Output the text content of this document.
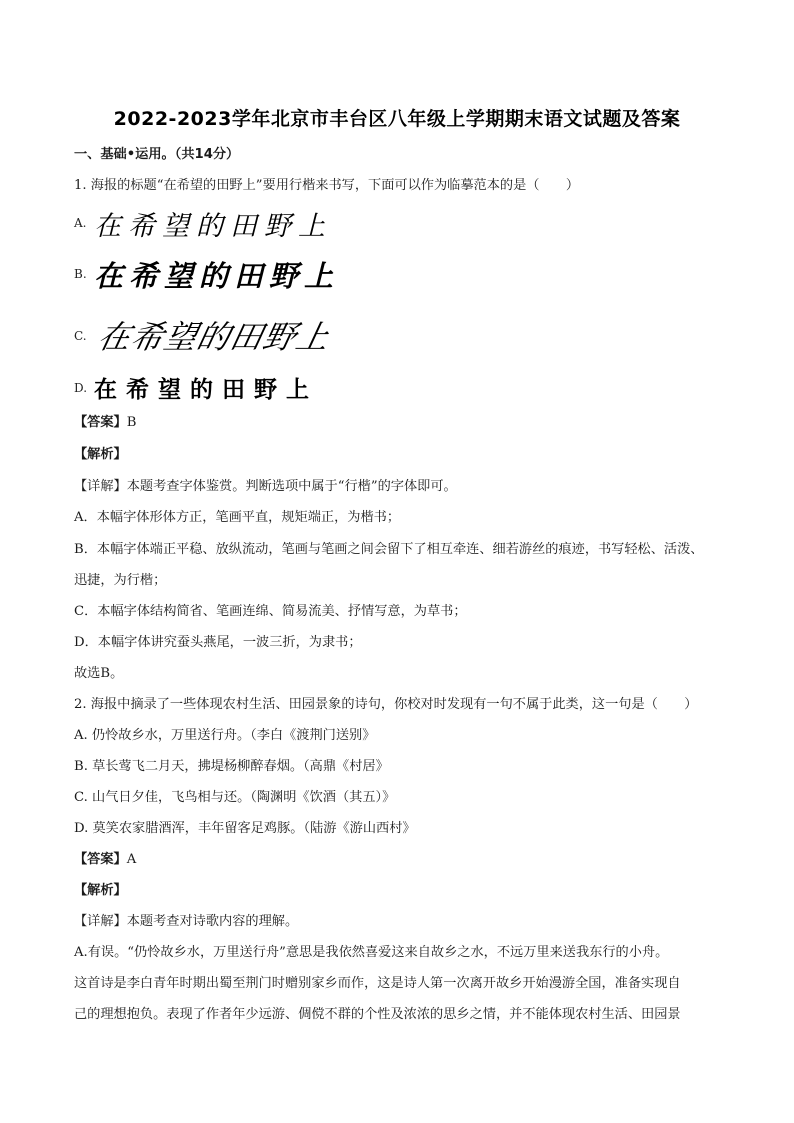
2022-2023学年北京市丰台区八年级上学期期末语文试题及答案
一、基础•运用。（共14分）
1. 海报的标题“在希望的田野上”要用行楷来书写，下面可以作为临摹范本的是（　　）
A. 在希望的田野上
B. 在希望的田野上
C. 在希望的田野上
D. 在希望的田野上
【答案】B
【解析】
【详解】本题考查字体鉴赏。判断选项中属于“行楷”的字体即可。
A．本幅字体形体方正，笔画平直，规矩端正，为楷书；
B．本幅字体端正平稳、放纵流动，笔画与笔画之间会留下了相互牵连、细若游丝的痕迹，书写轻松、活泼、
迅捷，为行楷；
C．本幅字体结构简省、笔画连绵、简易流美、抒情写意，为草书；
D．本幅字体讲究蚕头燕尾，一波三折，为隶书；
故选B。
2. 海报中摘录了一些体现农村生活、田园景象的诗句，你校对时发现有一句不属于此类，这一句是（　　）
A. 仍怜故乡水，万里送行舟。（李白《渡荆门送别》
B. 草长莺飞二月天，拂堤杨柳醉春烟。（高鼎《村居》
C. 山气日夕佳，飞鸟相与还。（陶渊明《饮酒（其五）》
D. 莫笑农家腊酒浑，丰年留客足鸡豚。（陆游《游山西村》
【答案】A
【解析】
【详解】本题考查对诗歌内容的理解。
A.有误。“仍怜故乡水，万里送行舟”意思是我依然喜爱这来自故乡之水，不远万里来送我东行的小舟。
这首诗是李白青年时期出蜀至荆门时赠别家乡而作，这是诗人第一次离开故乡开始漫游全国，准备实现自
己的理想抱负。表现了作者年少远游、倜傥不群的个性及浓浓的思乡之情，并不能体现农村生活、田园景
